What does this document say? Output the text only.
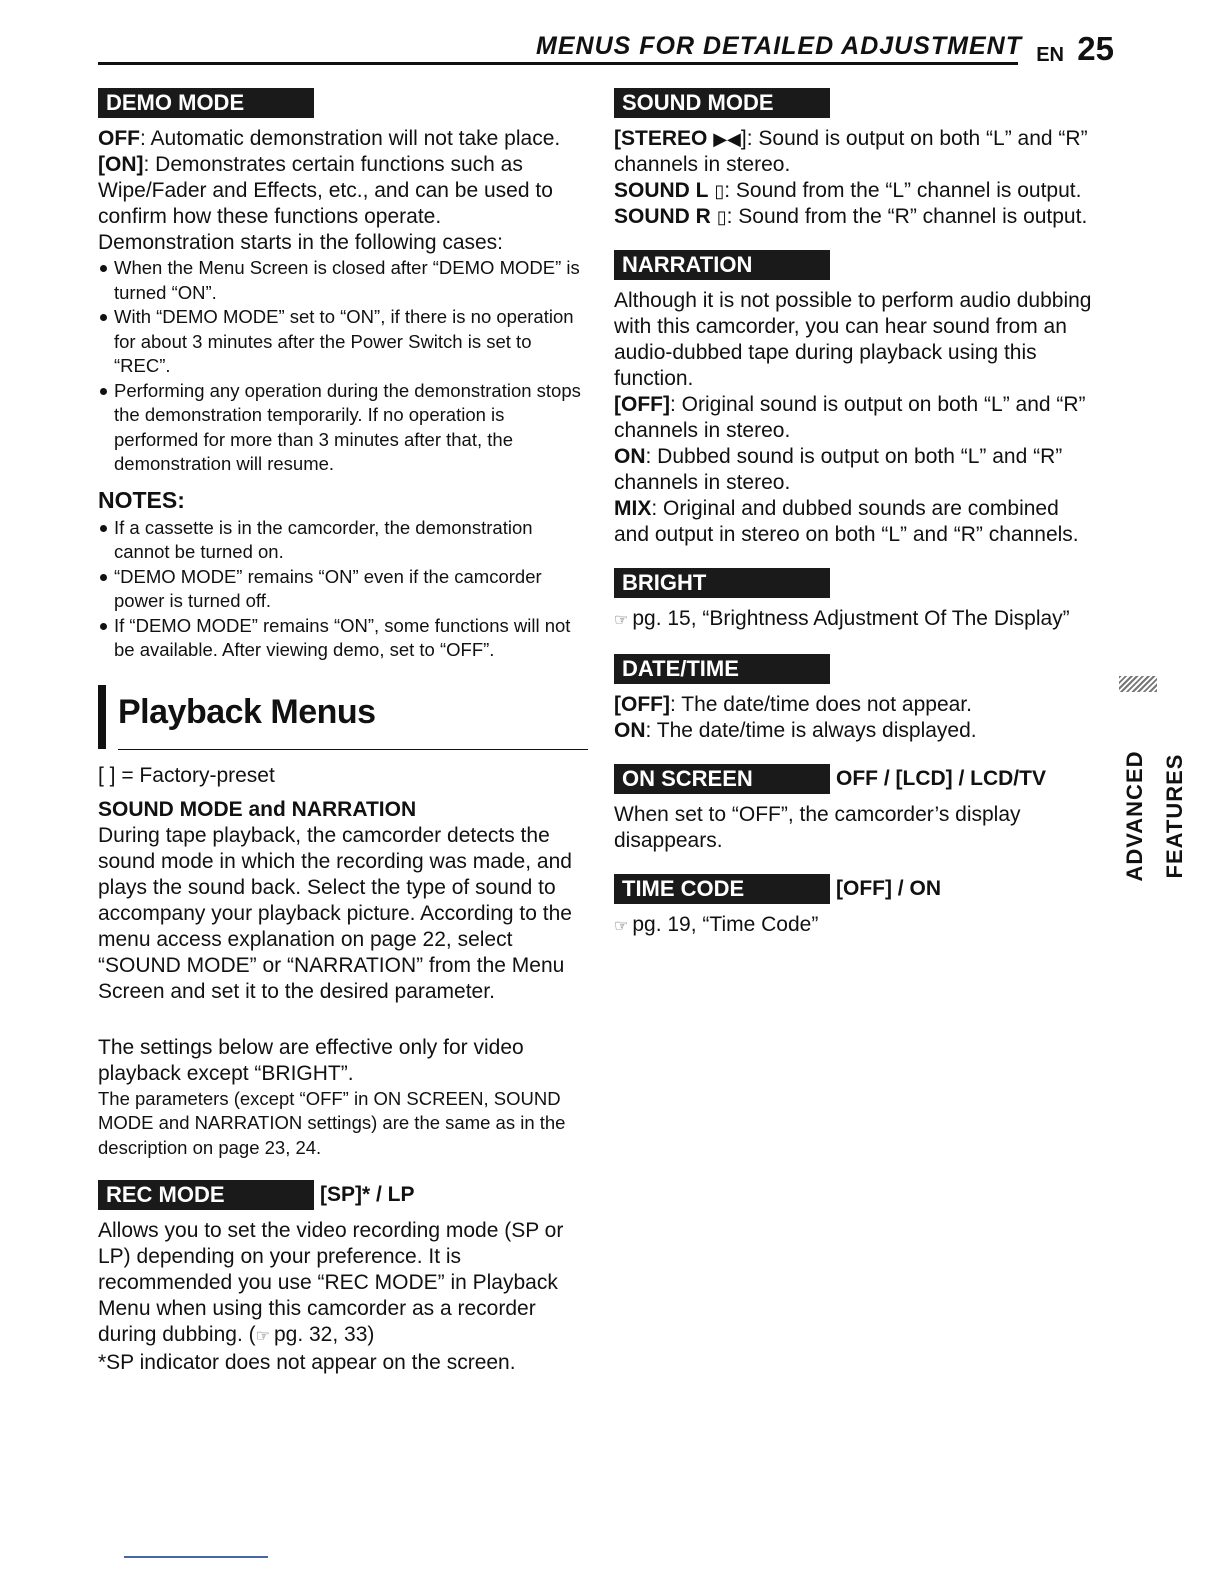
MENUS FOR DETAILED ADJUSTMENT EN 25
DEMO MODE

OFF: Automatic demonstration will not take place.

[ON]: Demonstrates certain functions such as Wipe/Fader and Effects, etc., and can be used to confirm how these functions operate.

Demonstration starts in the following cases:

When the Menu Screen is closed after “DEMO MODE” is turned “ON”.
With “DEMO MODE” set to “ON”, if there is no operation for about 3 minutes after the Power Switch is set to “REC”.
Performing any operation during the demonstration stops the demonstration temporarily. If no operation is performed for more than 3 minutes after that, the demonstration will resume.
NOTES:
If a cassette is in the camcorder, the demonstration cannot be turned on.
“DEMO MODE” remains “ON” even if the camcorder power is turned off.
If “DEMO MODE” remains “ON”, some functions will not be available. After viewing demo, set to “OFF”.
Playback Menus

[ ] = Factory-preset

SOUND MODE and NARRATION

During tape playback, the camcorder detects the sound mode in which the recording was made, and plays the sound back. Select the type of sound to accompany your playback picture. According to the menu access explanation on page 22, select “SOUND MODE” or “NARRATION” from the Menu Screen and set it to the desired parameter.

The settings below are effective only for video playback except “BRIGHT”.

The parameters (except “OFF” in ON SCREEN, SOUND MODE and NARRATION settings) are the same as in the description on page 23, 24.

REC MODE	[SP]* / LP

Allows you to set the video recording mode (SP or LP) depending on your preference. It is recommended you use “REC MODE” in Playback Menu when using this camcorder as a recorder during dubbing. (☞ pg. 32, 33)

*SP indicator does not appear on the screen.

SOUND MODE

[STEREO ▶◀]: Sound is output on both “L” and “R” channels in stereo.

SOUND L ▯: Sound from the “L” channel is output.

SOUND R ▯: Sound from the “R” channel is output.

NARRATION

Although it is not possible to perform audio dubbing with this camcorder, you can hear sound from an audio-dubbed tape during playback using this function.

[OFF]: Original sound is output on both “L” and “R” channels in stereo.

ON: Dubbed sound is output on both “L” and “R” channels in stereo.

MIX: Original and dubbed sounds are combined and output in stereo on both “L” and “R” channels.

BRIGHT

☞ pg. 15, “Brightness Adjustment Of The Display”

DATE/TIME

[OFF]: The date/time does not appear.

ON: The date/time is always displayed.

ON SCREEN	OFF / [LCD] / LCD/TV

When set to “OFF”, the camcorder’s display disappears.

TIME CODE	[OFF] / ON

☞ pg. 19, “Time Code”

ADVANCED FEATURES
